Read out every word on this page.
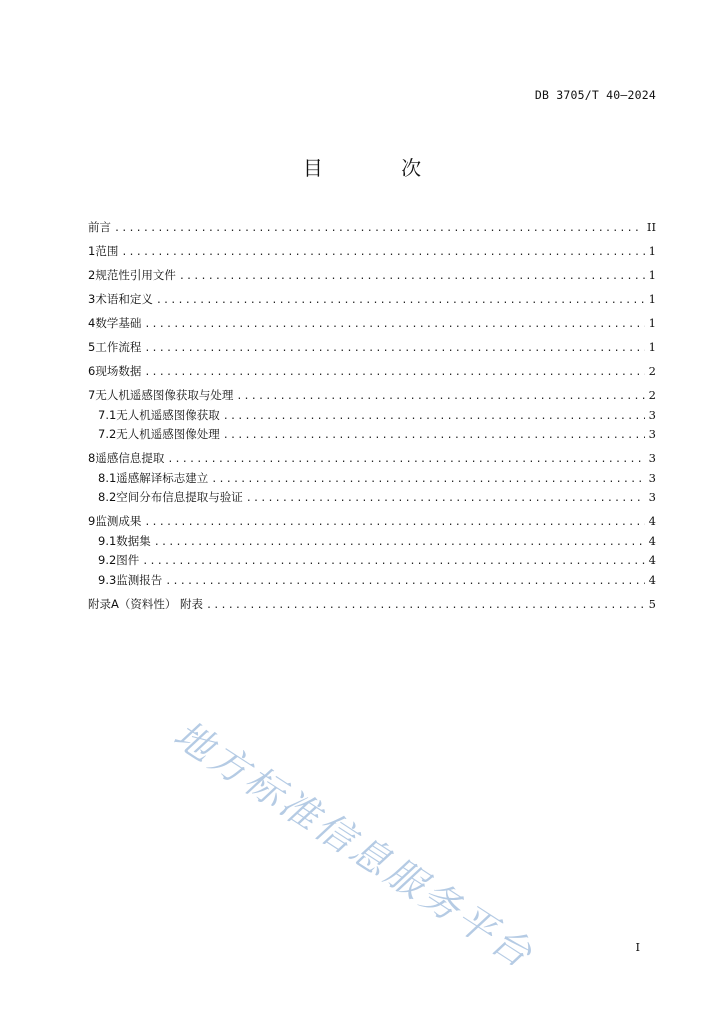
DB 3705/T 40—2024
目 次
前言 .....	II
1 范围 .....	1
2 规范性引用文件 .....	1
3 术语和定义 .....	1
4 数学基础 .....	1
5 工作流程 .....	1
6 现场数据 .....	2
7 无人机遥感图像获取与处理 .....	2
7.1 无人机遥感图像获取 .....	3
7.2 无人机遥感图像处理 .....	3
8 遥感信息提取 .....	3
8.1 遥感解译标志建立 .....	3
8.2 空间分布信息提取与验证 .....	3
9 监测成果 .....	4
9.1 数据集 .....	4
9.2 图件 .....	4
9.3 监测报告 .....	4
附录A（资料性） 附表 .....	5
地方标准信息服务平台	I
